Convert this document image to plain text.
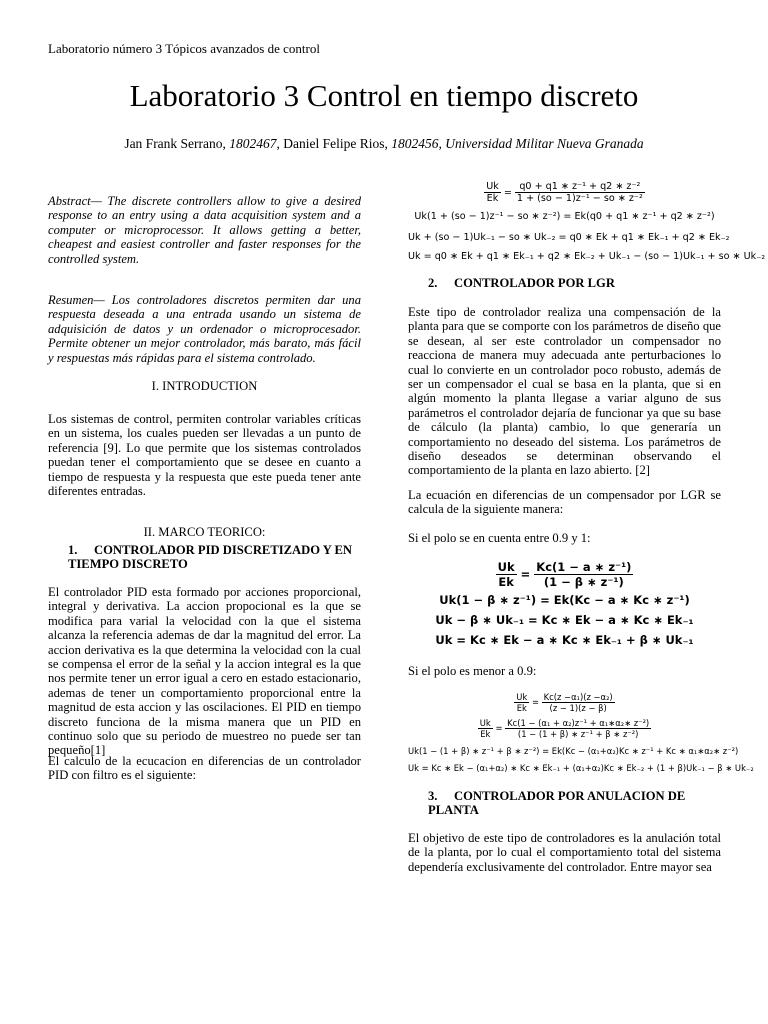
Laboratorio número 3 Tópicos avanzados de control
Laboratorio 3 Control en tiempo discreto
Jan Frank Serrano, 1802467, Daniel Felipe Rios, 1802456, Universidad Militar Nueva Granada

Abstract— The discrete controllers allow to give a desired response to an entry using a data acquisition system and a computer or microprocessor. It allows getting a better, cheapest and easiest controller and faster responses for the controlled system.

Resumen— Los controladores discretos permiten dar una respuesta deseada a una entrada usando un sistema de adquisición de datos y un ordenador o microprocesador. Permite obtener un mejor controlador, más barato, más fácil y respuestas más rápidas para el sistema controlado.

I. INTRODUCTION

Los sistemas de control, permiten controlar variables críticas en un sistema, los cuales pueden ser llevadas a un punto de referencia [9]. Lo que permite que los sistemas controlados puedan tener el comportamiento que se desee en cuanto a tiempo de respuesta y la respuesta que este pueda tener ante diferentes entradas.

II. MARCO TEORICO:
1. CONTROLADOR PID DISCRETIZADO Y EN TIEMPO DISCRETO

El controlador PID esta formado por acciones proporcional, integral y derivativa. La accion propocional es la que se modifica para varial la velocidad con la que el sistema alcanza la referencia ademas de dar la magnitud del error. La accion derivativa es la que determina la velocidad con la cual se compensa el error de la señal y la accion integral es la que nos permite tener un error igual a cero en estado estacionario, ademas de tener un comportamiento proporcional entre la magnitud de esta accion y las oscilaciones. El PID en tiempo discreto funciona de la misma manera que un PID en continuo solo que su periodo de muestreo no puede ser tan pequeño[1]

El calculo de la ecucacion en diferencias de un controlador PID con filtro es el siguiente:

$\frac{Uk}{Ek} = \frac{\text{q0 + q1 ∗ z⁻¹ + q2 ∗ z⁻²}}{\text{1 + (so − 1)z⁻¹ − so ∗ z⁻²}}$
Uk(1 + (so − 1)z⁻¹ − so ∗ z⁻²) = Ek(q0 + q1 ∗ z⁻¹ + q2 ∗ z⁻²)
Uk + (so − 1)Uk₋₁ − so ∗ Uk₋₂ = q0 ∗ Ek + q1 ∗ Ek₋₁ + q2 ∗ Ek₋₂
Uk = q0 ∗ Ek + q1 ∗ Ek₋₁ + q2 ∗ Ek₋₂ + Uk₋₁ − (so − 1)Uk₋₁ + so ∗ Uk₋₂
2. CONTROLADOR POR LGR

Este tipo de controlador realiza una compensación de la planta para que se comporte con los parámetros de diseño que se desean, al ser este controlador un compensador no reacciona de manera muy adecuada ante perturbaciones lo cual lo convierte en un controlador poco robusto, además de ser un compensador el cual se basa en la planta, que si en algún momento la planta llegase a variar alguno de sus parámetros el controlador dejaría de funcionar ya que su base de cálculo (la planta) cambio, lo que generaría un comportamiento no deseado del sistema. Los parámetros de diseño deseados se determinan observando el comportamiento de la planta en lazo abierto. [2]

La ecuación en diferencias de un compensador por LGR se calcula de la siguiente manera:

Si el polo se en cuenta entre 0.9 y 1:

$\frac{Uk}{Ek} = \frac{\text{Kc(1 − a ∗ z⁻¹)}}{\text{(1 − β ∗ z⁻¹)}}$
Uk(1 − β ∗ z⁻¹) = Ek(Kc − a ∗ Kc ∗ z⁻¹)
Uk − β ∗ Uk₋₁ = Kc ∗ Ek − a ∗ Kc ∗ Ek₋₁
Uk = Kc ∗ Ek − a ∗ Kc ∗ Ek₋₁ + β ∗ Uk₋₁

Si el polo es menor a 0.9:

$\frac{Uk}{Ek} = \frac{\text{Kc(z −α₁)(z −α₂)}}{(z - 1)(z - \beta)}$
$\frac{Uk}{Ek} = \frac{\text{Kc(1 − (α₁ + α₂)z⁻¹ + α₁∗α₂∗ z⁻²)}}{\text{(1 − (1 + β) ∗ z⁻¹ + β ∗ z⁻²)}}$
Uk(1 − (1 + β) ∗ z⁻¹ + β ∗ z⁻²) = Ek(Kc − (α₁+α₂)Kc ∗ z⁻¹ + Kc ∗ α₁∗α₂∗ z⁻²)
Uk = Kc ∗ Ek − (α₁+α₂) ∗ Kc ∗ Ek₋₁ + (α₁+α₂)Kc ∗ Ek₋₂ + (1 + β)Uk₋₁ − β ∗ Uk₋₂
3. CONTROLADOR POR ANULACION DE PLANTA

El objetivo de este tipo de controladores es la anulación total de la planta, por lo cual el comportamiento total del sistema dependería exclusivamente del controlador. Entre mayor sea
